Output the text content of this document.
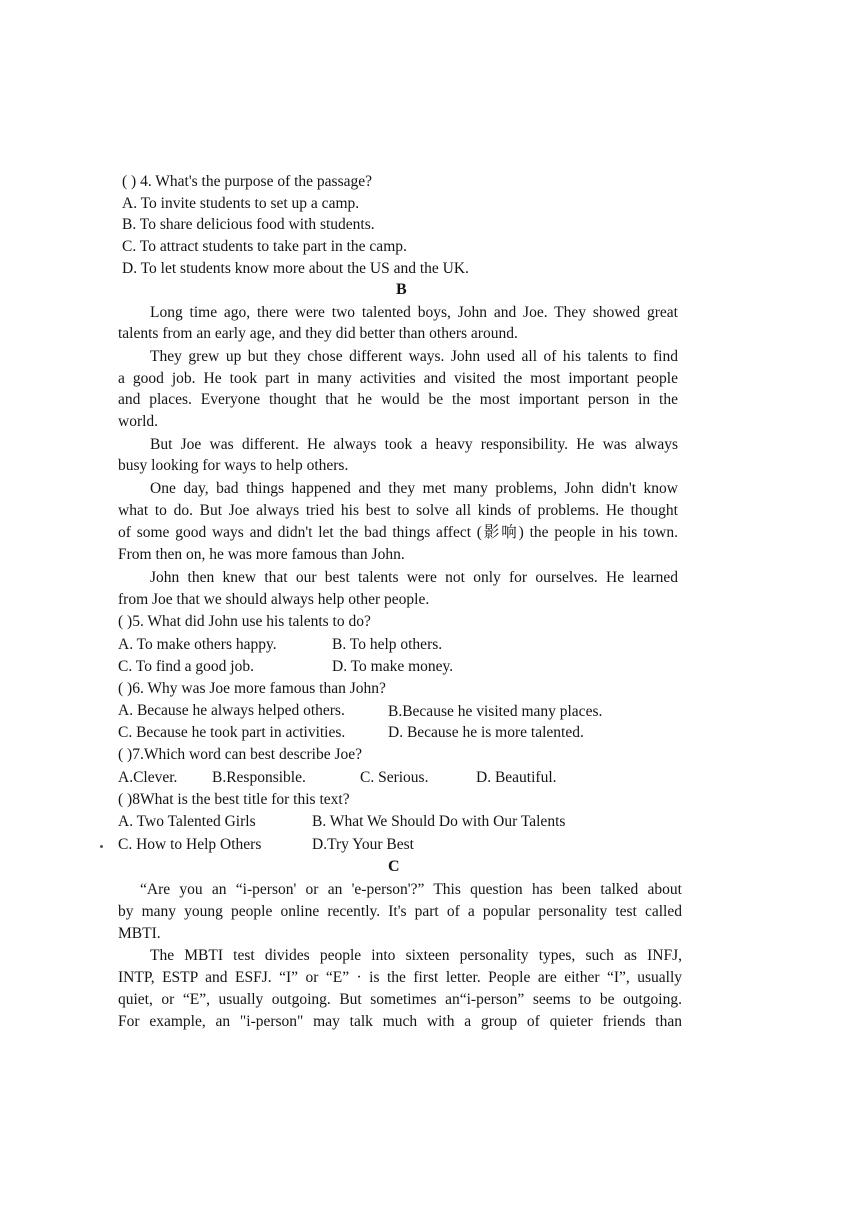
( ) 4. What's the purpose of the passage?
A. To invite students to set up a camp.
B. To share delicious food with students.
C. To attract students to take part in the camp.
D. To let students know more about the US and the UK.
B
Long time ago, there were two talented boys, John and Joe. They showed great
talents from an early age, and they did better than others around.
They grew up but they chose different ways. John used all of his talents to find
a good job. He took part in many activities and visited the most important people
and places. Everyone thought that he would be the most important person in the
world.
But Joe was different. He always took a heavy responsibility. He was always
busy looking for ways to help others.
One day, bad things happened and they met many problems, John didn't know
what to do. But Joe always tried his best to solve all kinds of problems. He thought
of some good ways and didn't let the bad things affect (影响) the people in his town.
From then on, he was more famous than John.
John then knew that our best talents were not only for ourselves. He learned
from Joe that we should always help other people.
( )5. What did John use his talents to do?
A. To make others happy.	B. To help others.
C. To find a good job.	D. To make money.
( )6. Why was Joe more famous than John?
A. Because he always helped others.	B.Because he visited many places.
C. Because he took part in activities.	D. Because he is more talented.
( )7.Which word can best describe Joe?
A.Clever. B.Responsible.	C. Serious.	D. Beautiful.
( )8What is the best title for this text?
A. Two Talented Girls	B. What We Should Do with Our Talents
C. How to Help Others	D.Try Your Best
C
“Are you an “i-person' or an 'e-person'?” This question has been talked about
by many young people online recently. It's part of a popular personality test called
MBTI.
The MBTI test divides people into sixteen personality types, such as INFJ,
INTP, ESTP and ESFJ. “I” or “E” · is the first letter. People are either “I”, usually
quiet, or “E”, usually outgoing. But sometimes an“i-person” seems to be outgoing.
For example, an "i-person" may talk much with a group of quieter friends than
